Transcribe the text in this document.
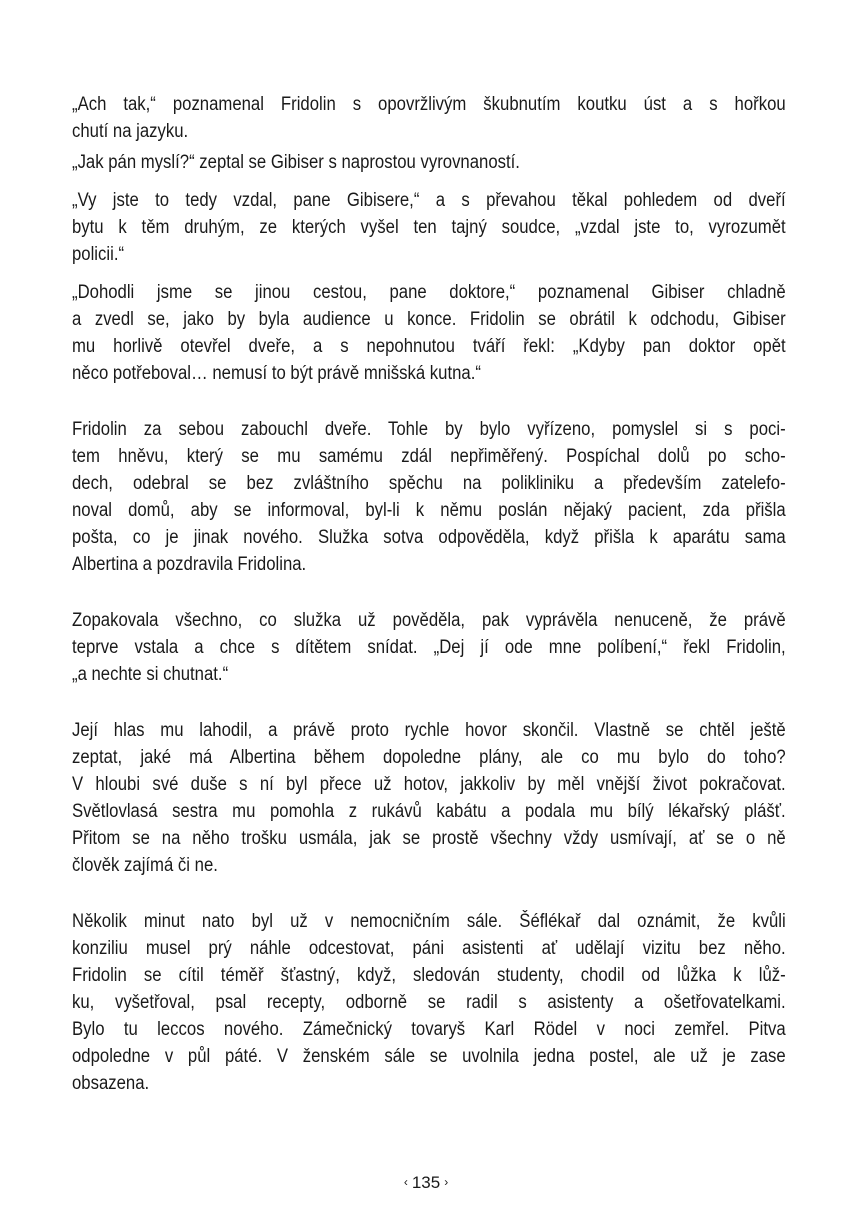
„Ach tak,“ poznamenal Fridolin s opovržlivým škubnutím koutku úst a s hořkou
chutí na jazyku.
„Jak pán myslí?“ zeptal se Gibiser s naprostou vyrovnaností.
„Vy jste to tedy vzdal, pane Gibisere,“ a s převahou těkal pohledem od dveří
bytu k těm druhým, ze kterých vyšel ten tajný soudce, „vzdal jste to, vyrozumět
policii.“
„Dohodli jsme se jinou cestou, pane doktore,“ poznamenal Gibiser chladně
a zvedl se, jako by byla audience u konce. Fridolin se obrátil k odchodu, Gibiser
mu horlivě otevřel dveře, a s nepohnutou tváří řekl: „Kdyby pan doktor opět
něco potřeboval… nemusí to být právě mnišská kutna.“
Fridolin za sebou zabouchl dveře. Tohle by bylo vyřízeno, pomyslel si s poci-
tem hněvu, který se mu samému zdál nepřiměřený. Pospíchal dolů po scho-
dech, odebral se bez zvláštního spěchu na polikliniku a především zatelefo-
noval domů, aby se informoval, byl-li k němu poslán nějaký pacient, zda přišla
pošta, co je jinak nového. Služka sotva odpověděla, když přišla k aparátu sama
Albertina a pozdravila Fridolina.
Zopakovala všechno, co služka už pověděla, pak vyprávěla nenuceně, že právě
teprve vstala a chce s dítětem snídat. „Dej jí ode mne políbení,“ řekl Fridolin,
„a nechte si chutnat.“
Její hlas mu lahodil, a právě proto rychle hovor skončil. Vlastně se chtěl ještě
zeptat, jaké má Albertina během dopoledne plány, ale co mu bylo do toho?
V hloubi své duše s ní byl přece už hotov, jakkoliv by měl vnější život pokračovat.
Světlovlasá sestra mu pomohla z rukávů kabátu a podala mu bílý lékařský plášť.
Přitom se na něho trošku usmála, jak se prostě všechny vždy usmívají, ať se o ně
člověk zajímá či ne.
Několik minut nato byl už v nemocničním sále. Šéflékař dal oznámit, že kvůli
konziliu musel prý náhle odcestovat, páni asistenti ať udělají vizitu bez něho.
Fridolin se cítil téměř šťastný, když, sledován studenty, chodil od lůžka k lůž-
ku, vyšetřoval, psal recepty, odborně se radil s asistenty a ošetřovatelkami.
Bylo tu leccos nového. Zámečnický tovaryš Karl Rödel v noci zemřel. Pitva
odpoledne v půl páté. V ženském sále se uvolnila jedna postel, ale už je zase
obsazena.
‹ 135 ›
